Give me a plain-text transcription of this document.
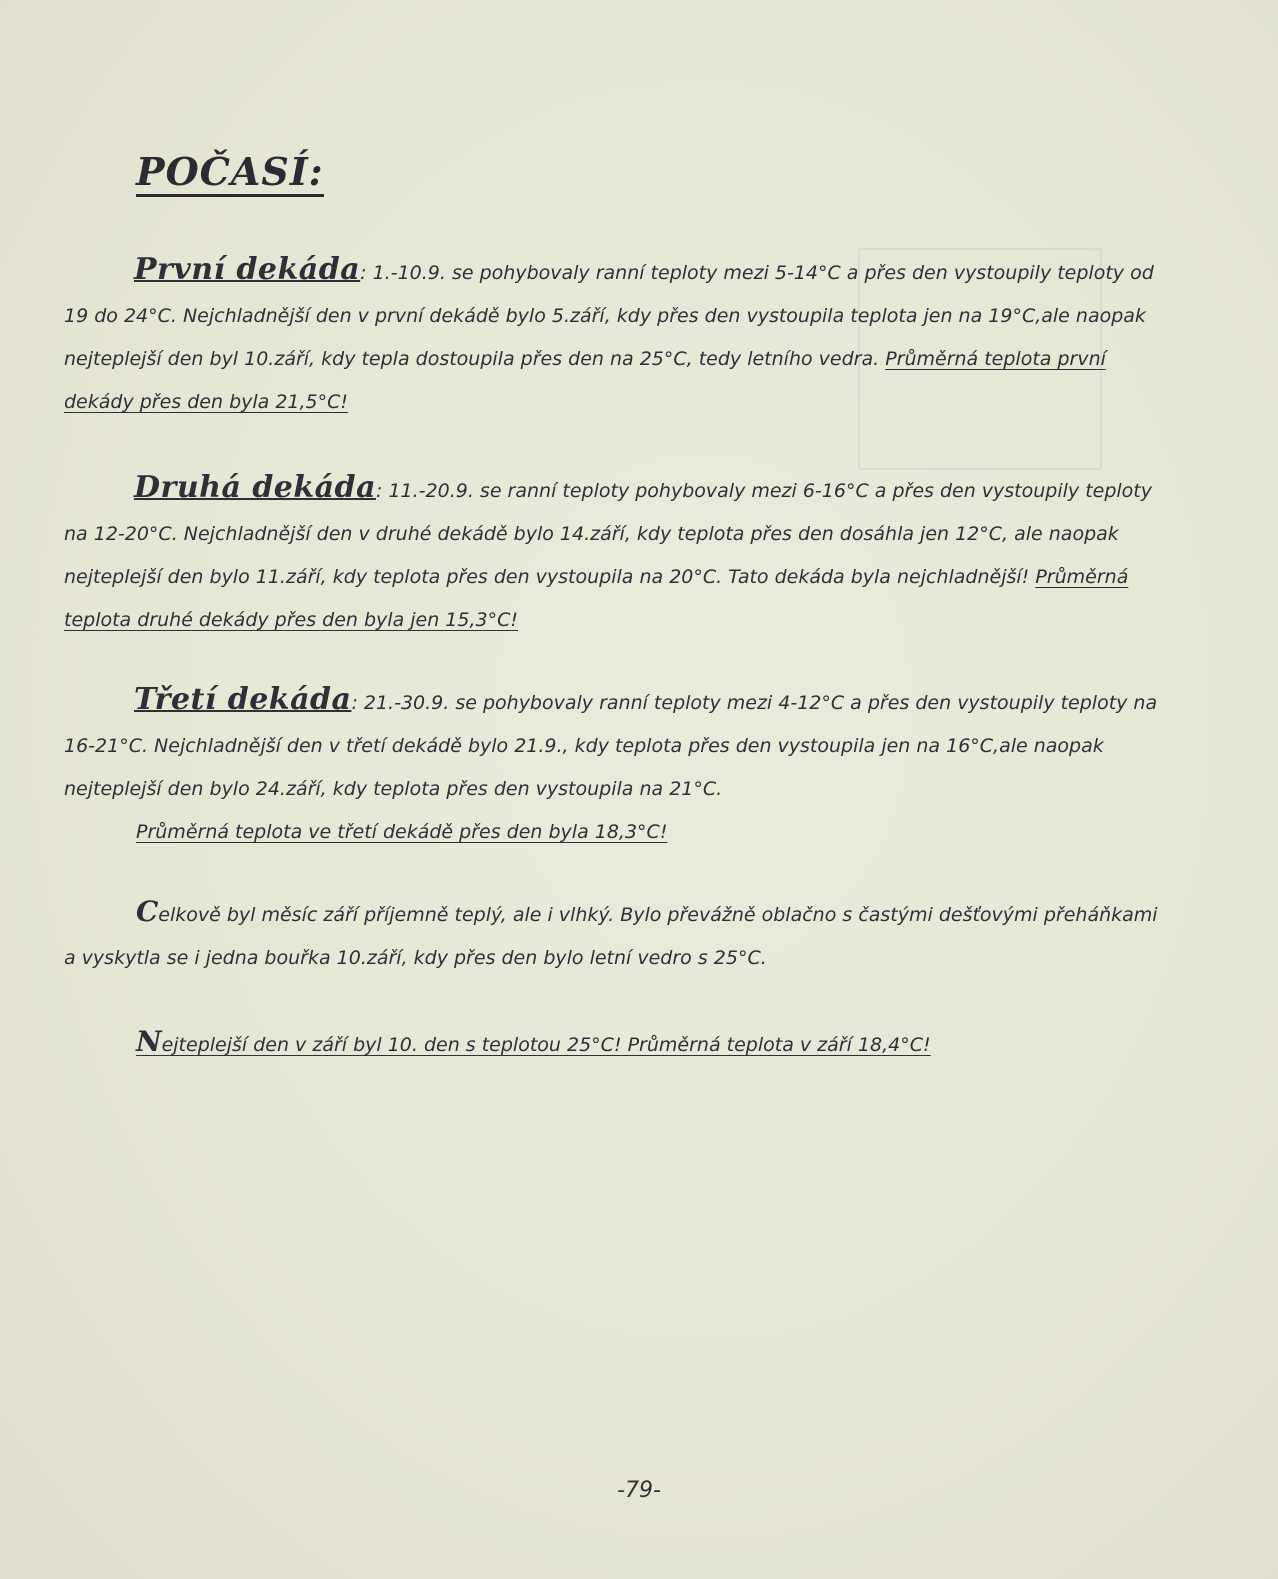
POČASÍ:
První dekáda: 1.-10.9. se pohybovaly ranní teploty mezi 5-14°C a přes den vystoupily teploty od 19 do 24°C. Nejchladnější den v první dekádě bylo 5.září, kdy přes den vystoupila teplota jen na 19°C,ale naopak nejteplejší den byl 10.září, kdy tepla dostoupila přes den na 25°C, tedy letního vedra. Průměrná teplota první dekády přes den byla 21,5°C!
Druhá dekáda: 11.-20.9. se ranní teploty pohybovaly mezi 6-16°C a přes den vystoupily teploty na 12-20°C. Nejchladnější den v druhé dekádě bylo 14.září, kdy teplota přes den dosáhla jen 12°C, ale naopak nejteplejší den bylo 11.září, kdy teplota přes den vystoupila na 20°C. Tato dekáda byla nejchladnější! Průměrná teplota druhé dekády přes den byla jen 15,3°C!
Třetí dekáda: 21.-30.9. se pohybovaly ranní teploty mezi 4-12°C a přes den vystoupily teploty na 16-21°C. Nejchladnější den v třetí dekádě bylo 21.9., kdy teplota přes den vystoupila jen na 16°C,ale naopak nejteplejší den bylo 24.září, kdy teplota přes den vystoupila na 21°C.
Průměrná teplota ve třetí dekádě přes den byla 18,3°C!
Celkově byl měsíc září příjemně teplý, ale i vlhký. Bylo převážně oblačno s častými dešťovými přeháňkami a vyskytla se i jedna bouřka 10.září, kdy přes den bylo letní vedro s 25°C.
Nejteplejší den v září byl 10. den s teplotou 25°C! Průměrná teplota v září 18,4°C!
-79-
